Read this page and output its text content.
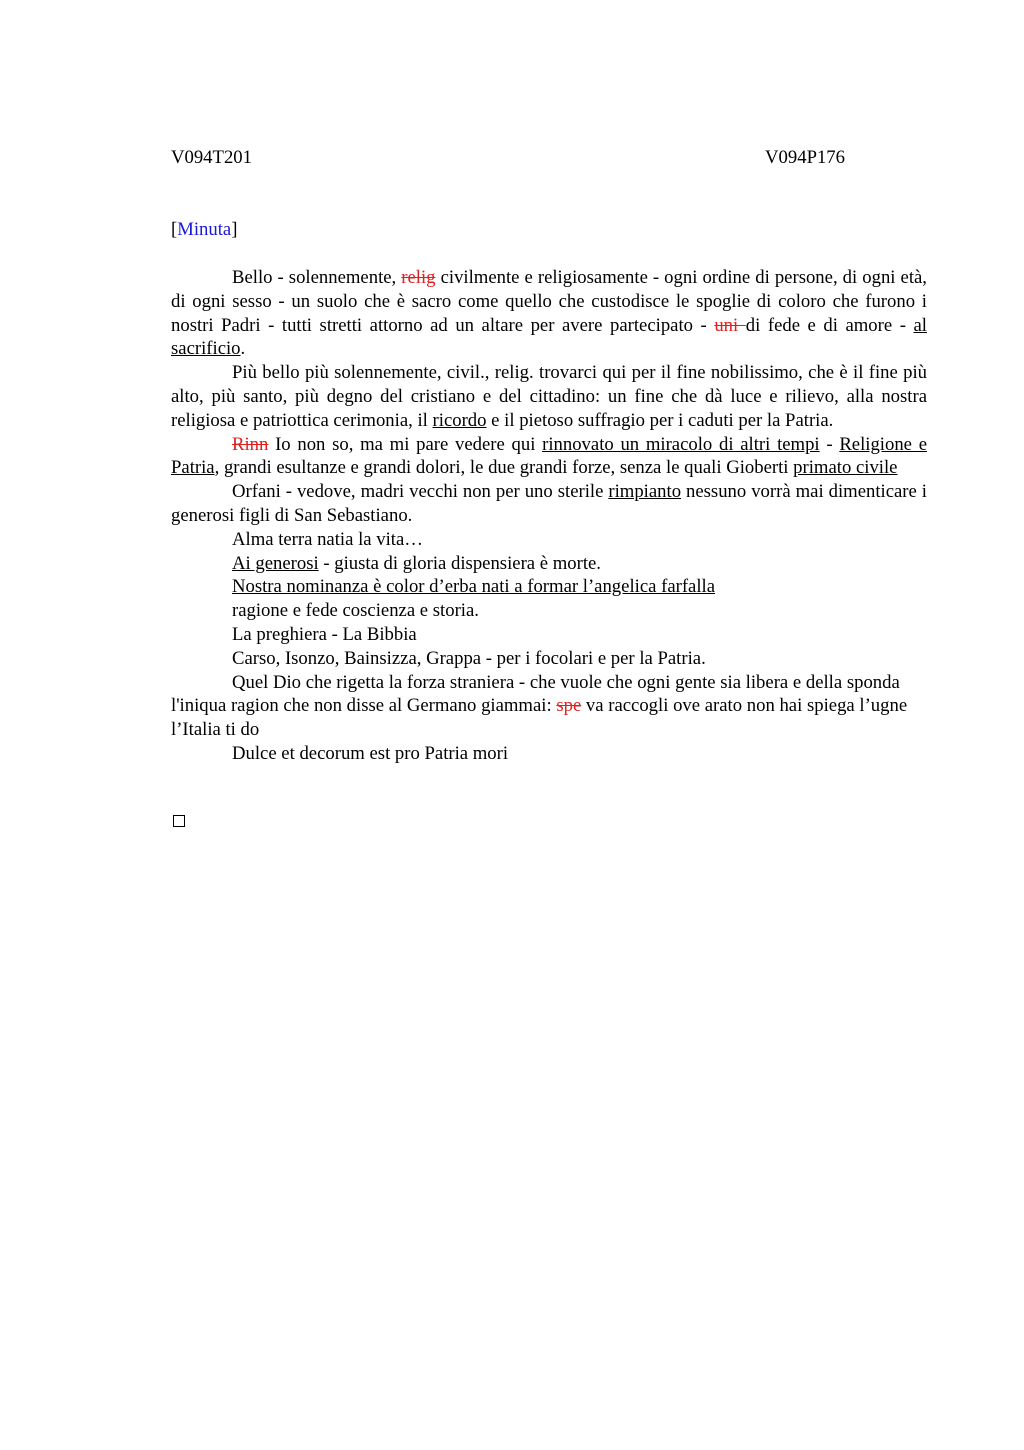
V094T201	V094P176
[Minuta]

Bello - solennemente, relig civilmente e religiosamente - ogni ordine di persone, di ogni età, di ogni sesso - un suolo che è sacro come quello che custodisce le spoglie di coloro che furono i nostri Padri - tutti stretti attorno ad un altare per avere partecipato - uni di fede e di amore - al sacrificio.

Più bello più solennemente, civil., relig. trovarci qui per il fine nobilissimo, che è il fine più alto, più santo, più degno del cristiano e del cittadino: un fine che dà luce e rilievo, alla nostra religiosa e patriottica cerimonia, il ricordo e il pietoso suffragio per i caduti per la Patria.

Rinn Io non so, ma mi pare vedere qui rinnovato un miracolo di altri tempi - Religione e Patria, grandi esultanze e grandi dolori, le due grandi forze, senza le quali Gioberti primato civile

Orfani - vedove, madri vecchi non per uno sterile rimpianto nessuno vorrà mai dimenticare i generosi figli di San Sebastiano.

Alma terra natia la vita…

Ai generosi - giusta di gloria dispensiera è morte.

Nostra nominanza è color d’erba nati a formar l’angelica farfalla

ragione e fede coscienza e storia.

La preghiera - La Bibbia

Carso, Isonzo, Bainsizza, Grappa - per i focolari e per la Patria.

Quel Dio che rigetta la forza straniera - che vuole che ogni gente sia libera e della sponda l'iniqua ragion che non disse al Germano giammai: spe va raccogli ove arato non hai spiega l’ugne l’Italia ti do

Dulce et decorum est pro Patria mori
